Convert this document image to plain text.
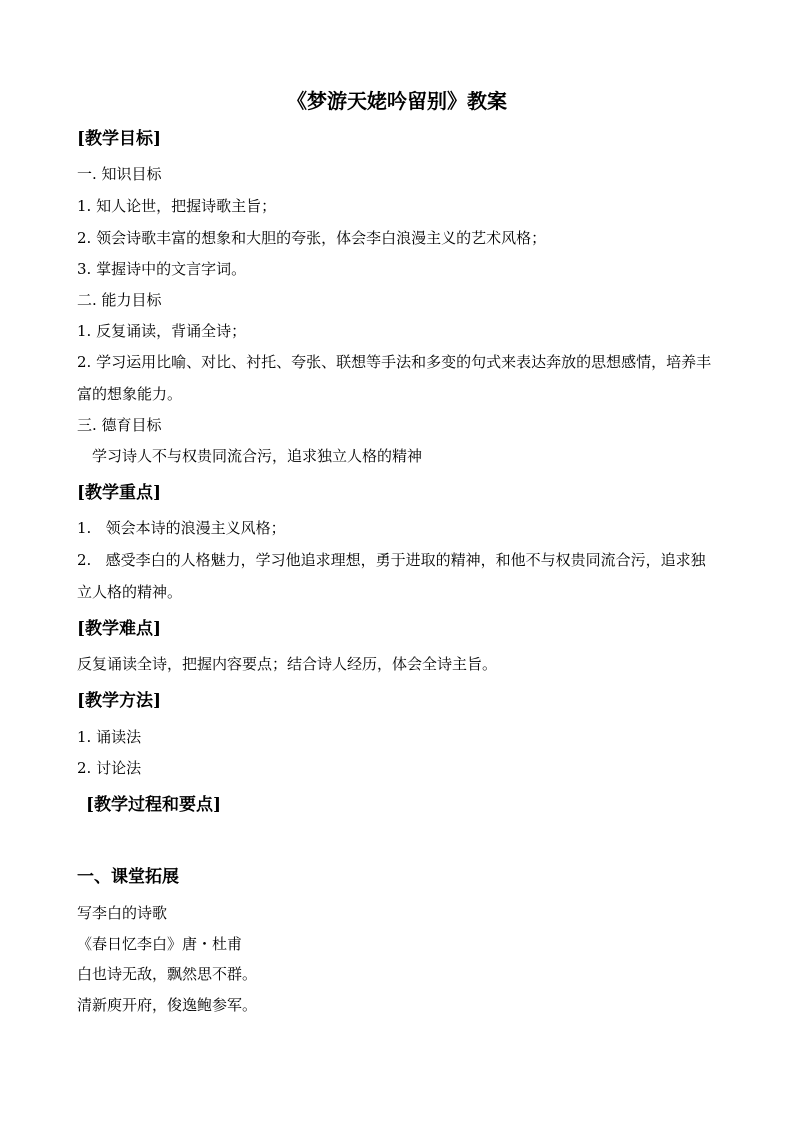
《梦游天姥吟留别》教案
[教学目标]
一. 知识目标
1. 知人论世，把握诗歌主旨；
2. 领会诗歌丰富的想象和大胆的夸张，体会李白浪漫主义的艺术风格；
3. 掌握诗中的文言字词。
二. 能力目标
1. 反复诵读，背诵全诗；
2. 学习运用比喻、对比、衬托、夸张、联想等手法和多变的句式来表达奔放的思想感情，培养丰富的想象能力。
三. 德育目标
学习诗人不与权贵同流合污，追求独立人格的精神
[教学重点]
1.   领会本诗的浪漫主义风格；
2.   感受李白的人格魅力，学习他追求理想，勇于进取的精神，和他不与权贵同流合污，追求独立人格的精神。
[教学难点]
反复诵读全诗，把握内容要点；结合诗人经历，体会全诗主旨。
[教学方法]
1. 诵读法
2. 讨论法
[教学过程和要点]
一、课堂拓展
写李白的诗歌
《春日忆李白》唐・杜甫
白也诗无敌，飘然思不群。
清新庾开府，俊逸鲍参军。
